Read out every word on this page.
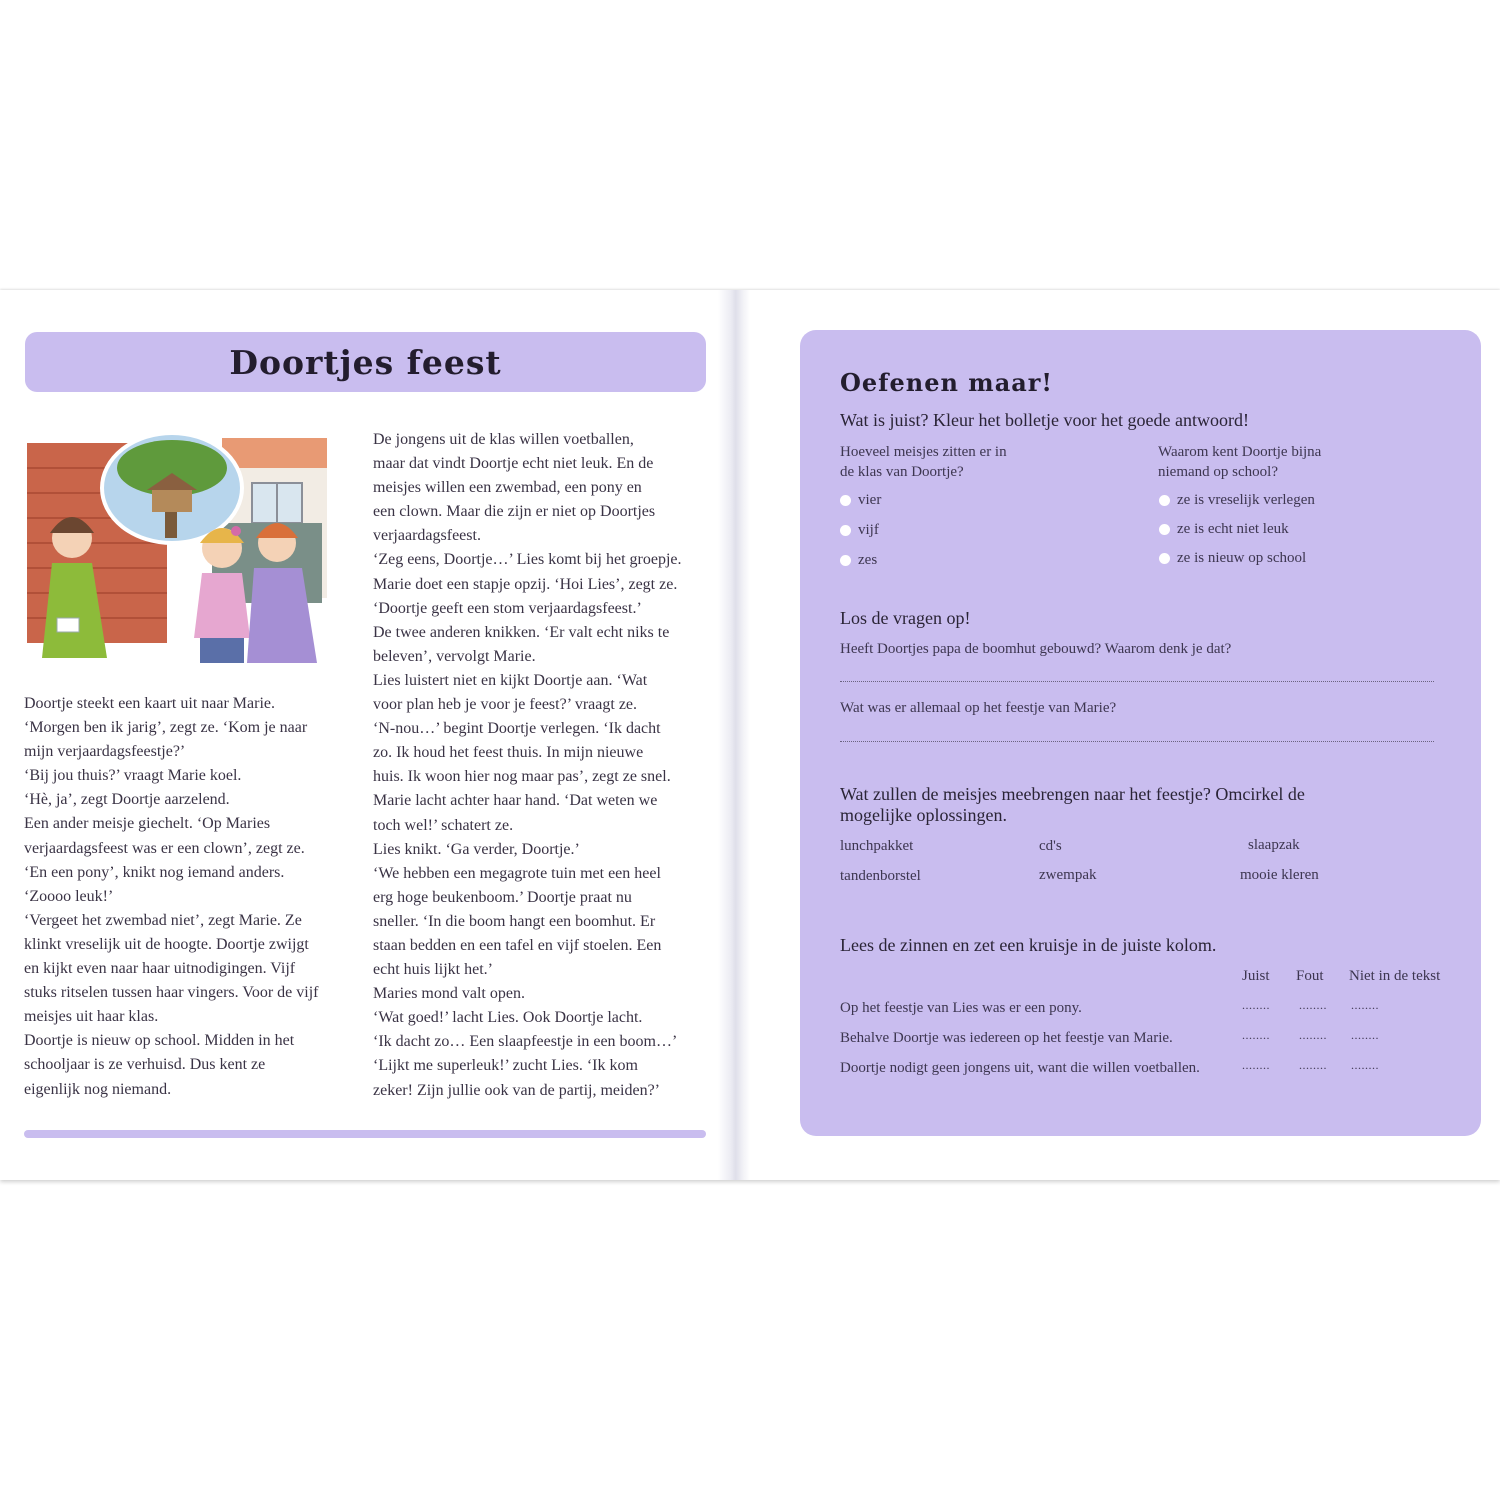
Doortjes feest

Doortje steekt een kaart uit naar Marie.

‘Morgen ben ik jarig’, zegt ze. ‘Kom je naar

mijn verjaardagsfeestje?’

‘Bij jou thuis?’ vraagt Marie koel.

‘Hè, ja’, zegt Doortje aarzelend.

Een ander meisje giechelt. ‘Op Maries

verjaardagsfeest was er een clown’, zegt ze.

‘En een pony’, knikt nog iemand anders.

‘Zoooo leuk!’

‘Vergeet het zwembad niet’, zegt Marie. Ze

klinkt vreselijk uit de hoogte. Doortje zwijgt

en kijkt even naar haar uitnodigingen. Vijf

stuks ritselen tussen haar vingers. Voor de vijf

meisjes uit haar klas.

Doortje is nieuw op school. Midden in het

schooljaar is ze verhuisd. Dus kent ze

eigenlijk nog niemand.

De jongens uit de klas willen voetballen,

maar dat vindt Doortje echt niet leuk. En de

meisjes willen een zwembad, een pony en

een clown. Maar die zijn er niet op Doortjes

verjaardagsfeest.

‘Zeg eens, Doortje…’ Lies komt bij het groepje.

Marie doet een stapje opzij. ‘Hoi Lies’, zegt ze.

‘Doortje geeft een stom verjaardagsfeest.’

De twee anderen knikken. ‘Er valt echt niks te

beleven’, vervolgt Marie.

Lies luistert niet en kijkt Doortje aan. ‘Wat

voor plan heb je voor je feest?’ vraagt ze.

‘N-nou…’ begint Doortje verlegen. ‘Ik dacht

zo. Ik houd het feest thuis. In mijn nieuwe

huis. Ik woon hier nog maar pas’, zegt ze snel.

Marie lacht achter haar hand. ‘Dat weten we

toch wel!’ schatert ze.

Lies knikt. ‘Ga verder, Doortje.’

‘We hebben een megagrote tuin met een heel

erg hoge beukenboom.’ Doortje praat nu

sneller. ‘In die boom hangt een boomhut. Er

staan bedden en een tafel en vijf stoelen. Een

echt huis lijkt het.’

Maries mond valt open.

‘Wat goed!’ lacht Lies. Ook Doortje lacht.

‘Ik dacht zo… Een slaapfeestje in een boom…’

‘Lijkt me superleuk!’ zucht Lies. ‘Ik kom

zeker! Zijn jullie ook van de partij, meiden?’

Oefenen maar!
Wat is juist? Kleur het bolletje voor het goede antwoord!
Hoeveel meisjes zitten er in
de klas van Doortje?
vier
vijf
zes
Waarom kent Doortje bijna
niemand op school?
ze is vreselijk verlegen
ze is echt niet leuk
ze is nieuw op school
Los de vragen op!
Heeft Doortjes papa de boomhut gebouwd? Waarom denk je dat?
Wat was er allemaal op het feestje van Marie?
Wat zullen de meisjes meebrengen naar het feestje? Omcirkel de
mogelijke oplossingen.
lunchpakket	cd's	slaapzak
tandenborstel	zwempak	mooie kleren
Lees de zinnen en zet een kruisje in de juiste kolom.
Juist Fout Niet in de tekst
Op het feestje van Lies was er een pony.	........ ........ ........
Behalve Doortje was iedereen op het feestje van Marie.	........ ........ ........
Doortje nodigt geen jongens uit, want die willen voetballen.	........ ........ ........
